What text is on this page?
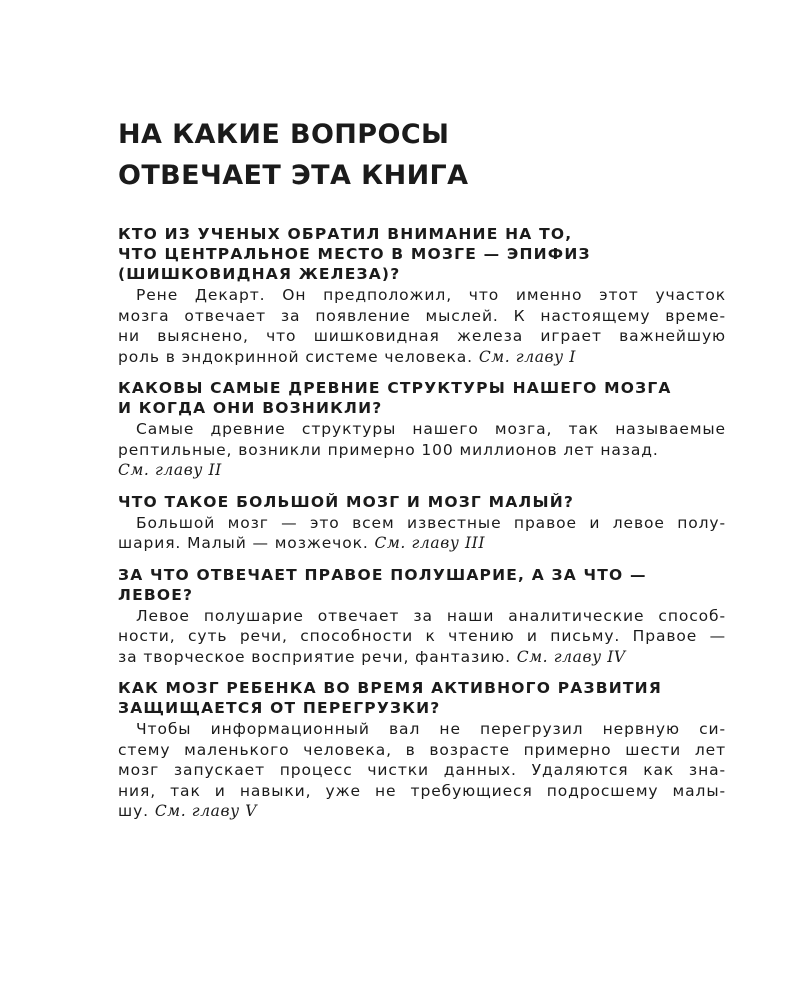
НА КАКИЕ ВОПРОСЫ
ОТВЕЧАЕТ ЭТА КНИГА
КТО ИЗ УЧЕНЫХ ОБРАТИЛ ВНИМАНИЕ НА ТО,
ЧТО ЦЕНТРАЛЬНОЕ МЕСТО В МОЗГЕ — ЭПИФИЗ
(ШИШКОВИДНАЯ ЖЕЛЕЗА)?
Рене Декарт. Он предположил, что именно этот участок
мозга отвечает за появление мыслей. К настоящему време-
ни выяснено, что шишковидная железа играет важнейшую
роль в эндокринной системе человека. См. главу I
КАКОВЫ САМЫЕ ДРЕВНИЕ СТРУКТУРЫ НАШЕГО МОЗГА
И КОГДА ОНИ ВОЗНИКЛИ?
Самые древние структуры нашего мозга, так называемые
рептильные, возникли примерно 100 миллионов лет назад.
См. главу II
ЧТО ТАКОЕ БОЛЬШОЙ МОЗГ И МОЗГ МАЛЫЙ?
Большой мозг — это всем известные правое и левое полу-
шария. Малый — мозжечок. См. главу III
ЗА ЧТО ОТВЕЧАЕТ ПРАВОЕ ПОЛУШАРИЕ, А ЗА ЧТО —
ЛЕВОЕ?
Левое полушарие отвечает за наши аналитические способ-
ности, суть речи, способности к чтению и письму. Правое —
за творческое восприятие речи, фантазию. См. главу IV
КАК МОЗГ РЕБЕНКА ВО ВРЕМЯ АКТИВНОГО РАЗВИТИЯ
ЗАЩИЩАЕТСЯ ОТ ПЕРЕГРУЗКИ?
Чтобы информационный вал не перегрузил нервную си-
стему маленького человека, в возрасте примерно шести лет
мозг запускает процесс чистки данных. Удаляются как зна-
ния, так и навыки, уже не требующиеся подросшему малы-
шу. См. главу V
